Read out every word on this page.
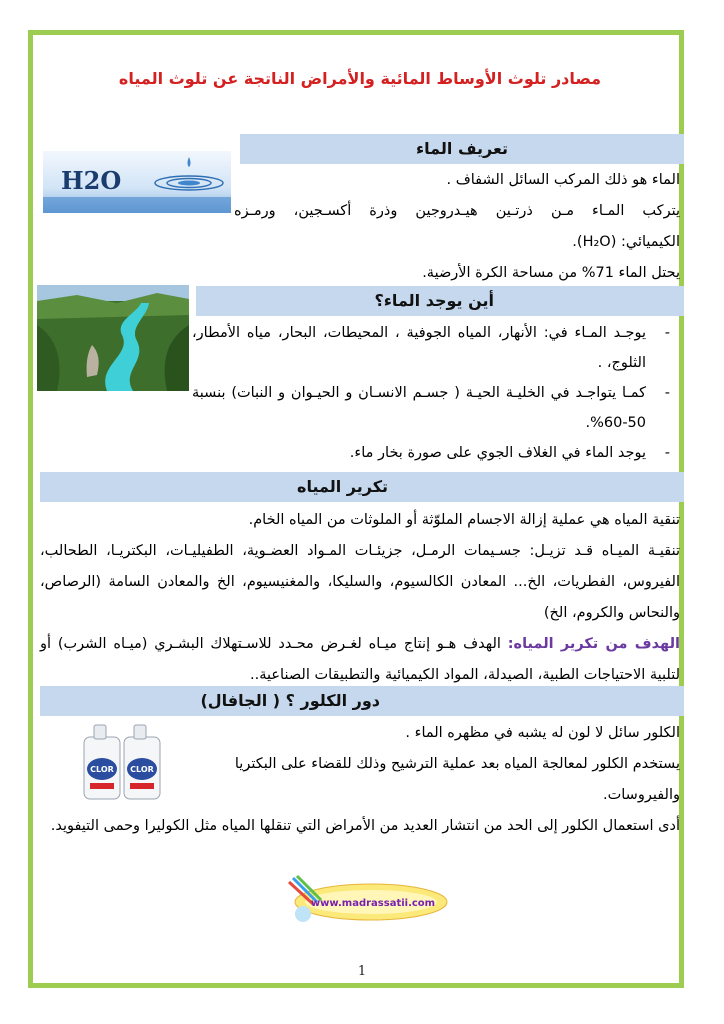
مصادر تلوث الأوساط المائية والأمراض الناتجة عن تلوث المياه
تعريف الماء
H2O	الماء هو ذلك المركب السائل الشفاف .

يتركب المـاء مـن ذرتـين هيـدروجين وذرة أكسـجين، ورمـزه

الكيميائي: (H₂O).

يحتل الماء 71% من مساحة الكرة الأرضية.

أين يوجد الماء؟
- يوجـد المـاء في: الأنهار، المياه الجوفية ، المحيطات، البحار، مياه الأمطار، الثلوج، .
- كمـا يتواجـد في الخليـة الحيـة ( جسـم الانسـان و الحيـوان و النبات) بنسبة 50-60%.
- يوجد الماء في الغلاف الجوي على صورة بخار ماء.
تكرير المياه

تنقية المياه هي عملية إزالة الاجسام الملوّثة أو الملوثات من المياه الخام.

تنقيـة الميـاه قـد تزيـل: جسـيمات الرمـل، جزيئـات المـواد العضـوية، الطفيليـات، البكتريـا، الطحالب، الفيروس، الفطريات، الخ... المعادن الكالسيوم، والسليكا، والمغنيسيوم، الخ والمعادن السامة (الرصاص، والنحاس والكروم، الخ)

الهدف من تكرير المياه: الهدف هـو إنتاج ميـاه لغـرض محـدد للاسـتهلاك البشـري (ميـاه الشرب) أو لتلبية الاحتياجات الطبية، الصيدلة، المواد الكيميائية والتطبيقات الصناعية..

دور الكلور ؟ ( الجافال)
CLOR CLOR

الكلور سائل لا لون له يشبه في مظهره الماء .

يستخدم الكلور لمعالجة المياه بعد عملية الترشيح وذلك للقضاء على البكتريا والفيروسات.

أدى استعمال الكلور إلى الحد من انتشار العديد من الأمراض التي تنقلها المياه مثل الكوليرا وحمى التيفويد.

www.madrassatii.com
1
